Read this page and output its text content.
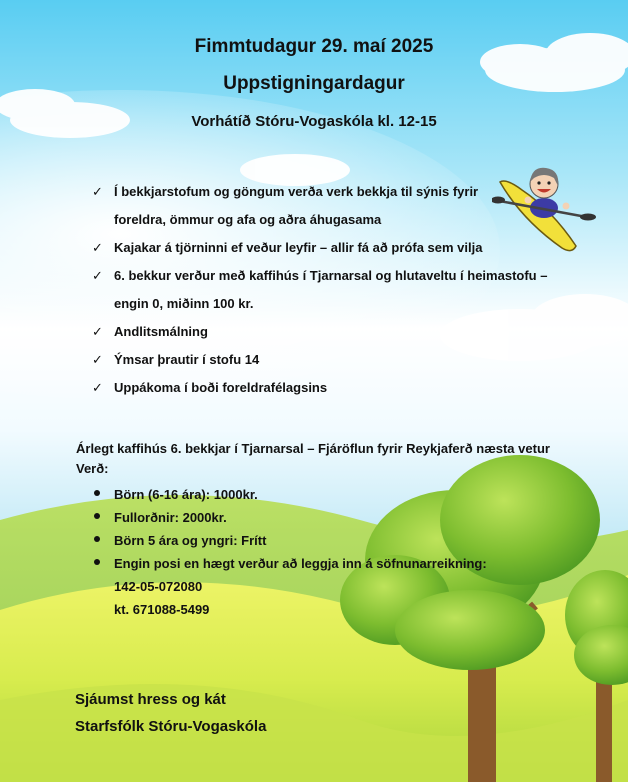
Fimmtudagur 29. maí 2025
Uppstigningardagur
Vorhátíð Stóru-Vogaskóla kl. 12-15
✓ Í bekkjarstofum og göngum verða verk bekkja til sýnis fyrir
foreldra, ömmur og afa og aðra áhugasama
✓ Kajakar á tjörninni ef veður leyfir – allir fá að prófa sem vilja
✓ 6. bekkur verður með kaffihús í Tjarnarsal og hlutaveltu í heimastofu –
engin 0, miðinn 100 kr.
✓ Andlitsmálning
✓ Ýmsar þrautir í stofu 14
✓ Uppákoma í boði foreldrafélagsins
Árlegt kaffihús 6. bekkjar í Tjarnarsal – Fjáröflun fyrir Reykjaferð næsta vetur
Verð:
Börn (6-16 ára): 1000kr.
Fullorðnir: 2000kr.
Börn 5 ára og yngri: Frítt
Engin posi en hægt verður að leggja inn á söfnunarreikning:
142-05-072080
kt. 671088-5499
Sjáumst hress og kát
Starfsfólk Stóru-Vogaskóla
